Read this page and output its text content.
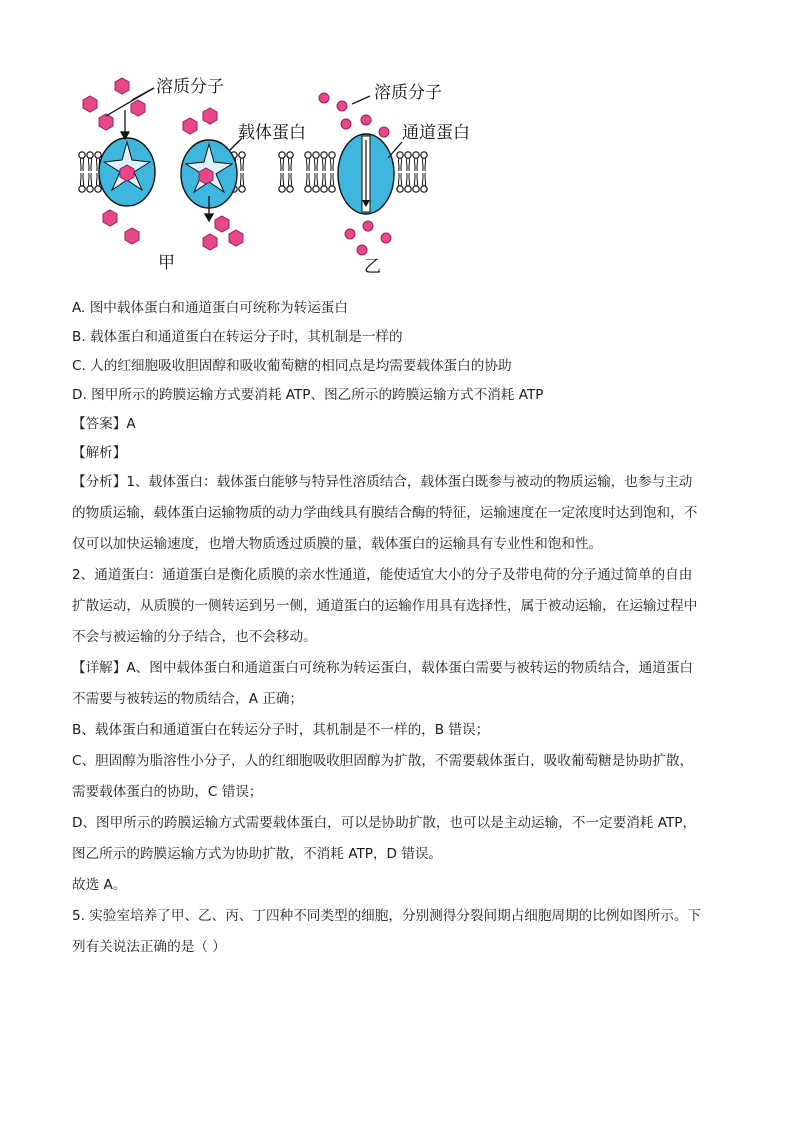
溶质分子
载体蛋白
甲
溶质分子
通道蛋白
乙

A. 图中载体蛋白和通道蛋白可统称为转运蛋白

B. 载体蛋白和通道蛋白在转运分子时，其机制是一样的

C. 人的红细胞吸收胆固醇和吸收葡萄糖的相同点是均需要载体蛋白的协助

D. 图甲所示的跨膜运输方式要消耗 ATP、图乙所示的跨膜运输方式不消耗 ATP

【答案】A

【解析】

【分析】1、载体蛋白：载体蛋白能够与特异性溶质结合，载体蛋白既参与被动的物质运输，也参与主动

的物质运输，载体蛋白运输物质的动力学曲线具有膜结合酶的特征，运输速度在一定浓度时达到饱和，不

仅可以加快运输速度，也增大物质透过质膜的量，载体蛋白的运输具有专业性和饱和性。

2、通道蛋白：通道蛋白是衡化质膜的亲水性通道，能使适宜大小的分子及带电荷的分子通过简单的自由

扩散运动，从质膜的一侧转运到另一侧，通道蛋白的运输作用具有选择性，属于被动运输，在运输过程中

不会与被运输的分子结合，也不会移动。

【详解】A、图中载体蛋白和通道蛋白可统称为转运蛋白，载体蛋白需要与被转运的物质结合，通道蛋白

不需要与被转运的物质结合，A 正确；

B、载体蛋白和通道蛋白在转运分子时，其机制是不一样的，B 错误；

C、胆固醇为脂溶性小分子，人的红细胞吸收胆固醇为扩散，不需要载体蛋白，吸收葡萄糖是协助扩散，

需要载体蛋白的协助，C 错误；

D、图甲所示的跨膜运输方式需要载体蛋白，可以是协助扩散，也可以是主动运输，不一定要消耗 ATP，

图乙所示的跨膜运输方式为协助扩散，不消耗 ATP，D 错误。

故选 A。

5. 实验室培养了甲、乙、丙、丁四种不同类型的细胞，分别测得分裂间期占细胞周期的比例如图所示。下

列有关说法正确的是（ ）
